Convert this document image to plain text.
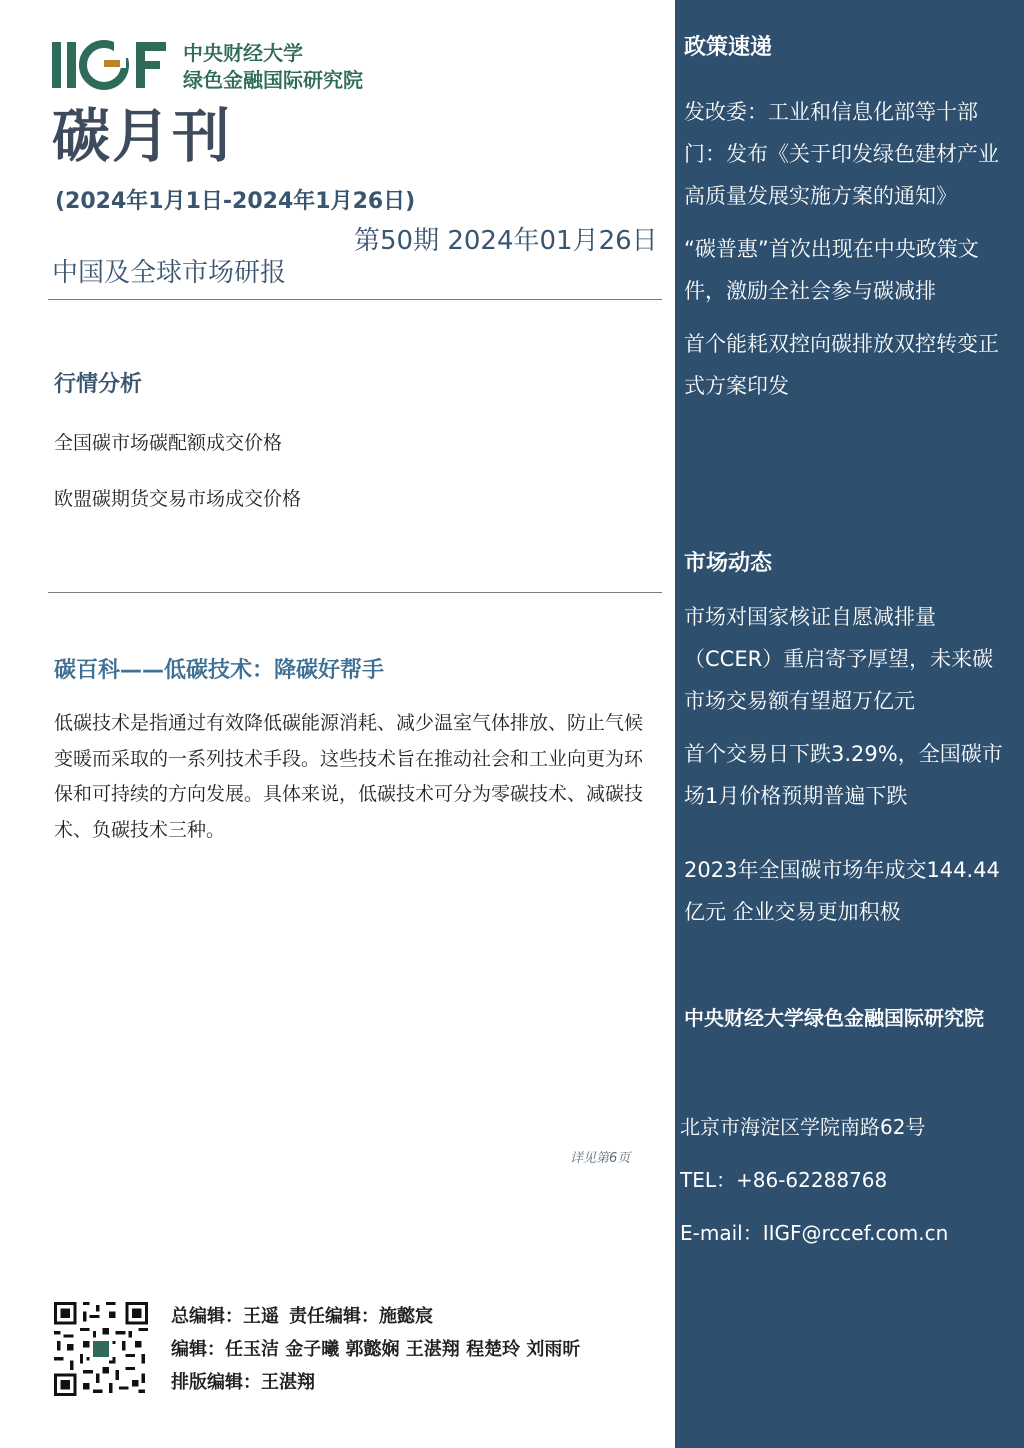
中央财经大学
绿色金融国际研究院
碳月刊
(2024年1月1日-2024年1月26日)
第50期 2024年01月26日
中国及全球市场研报
行情分析
全国碳市场碳配额成交价格
欧盟碳期货交易市场成交价格
碳百科——低碳技术：降碳好帮手
低碳技术是指通过有效降低碳能源消耗、减少温室气体排放、防止气候变暖而采取的一系列技术手段。这些技术旨在推动社会和工业向更为环保和可持续的方向发展。具体来说，低碳技术可分为零碳技术、减碳技术、负碳技术三种。
详见第6页
总编辑：王遥 责任编辑：施懿宸
编辑：任玉洁 金子曦 郭懿娴 王湛翔 程楚玲 刘雨昕
排版编辑：王湛翔
政策速递
发改委：工业和信息化部等十部门：发布《关于印发绿色建材产业高质量发展实施方案的通知》
“碳普惠”首次出现在中央政策文件，激励全社会参与碳减排
首个能耗双控向碳排放双控转变正式方案印发
市场动态
市场对国家核证自愿减排量（CCER）重启寄予厚望，未来碳市场交易额有望超万亿元
首个交易日下跌3.29%，全国碳市场1月价格预期普遍下跌
2023年全国碳市场年成交144.44亿元 企业交易更加积极
中央财经大学绿色金融国际研究院
北京市海淀区学院南路62号
TEL：+86-62288768
E-mail：IIGF@rccef.com.cn
